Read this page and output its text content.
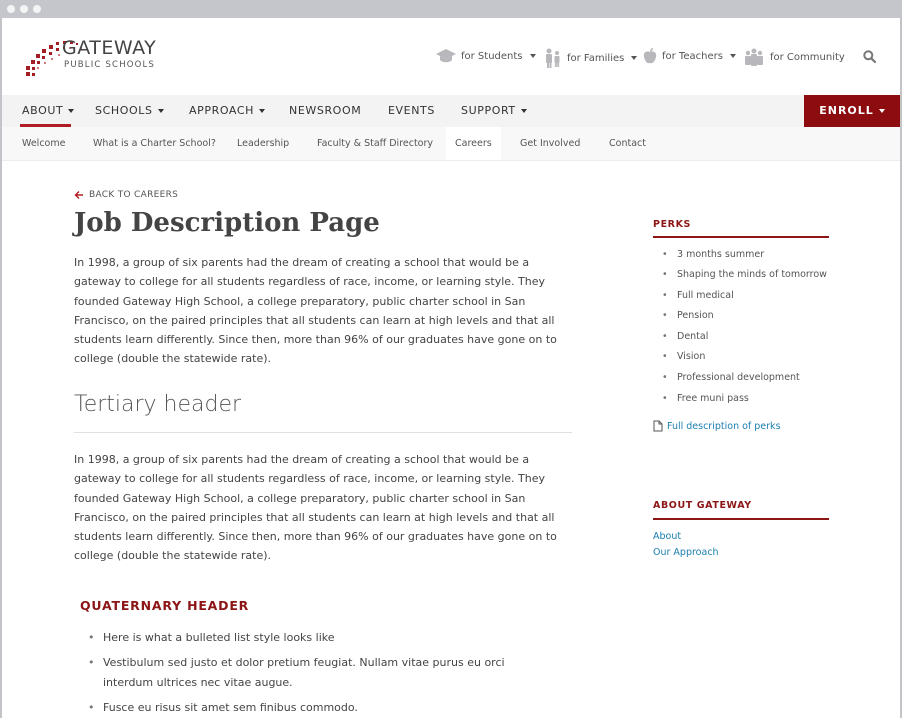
GATEWAY
PUBLIC SCHOOLS
for Students	for Families	for Teachers	for Community
ABOUT	SCHOOLS	APPROACH	NEWSROOM EVENTS SUPPORT	ENROLL
Welcome	What is a Charter School? Leadership	Faculty & Staff Directory	Careers	Get Involved	Contact
BACK TO CAREERS
Job Description Page
In 1998, a group of six parents had the dream of creating a school that would be a gateway to college for all students regardless of race, income, or learning style. They founded Gateway High School, a college preparatory, public charter school in San Francisco, on the paired principles that all students can learn at high levels and that all students learn differently. Since then, more than 96% of our graduates have gone on to college (double the statewide rate).
Tertiary header
In 1998, a group of six parents had the dream of creating a school that would be a gateway to college for all students regardless of race, income, or learning style. They founded Gateway High School, a college preparatory, public charter school in San Francisco, on the paired principles that all students can learn at high levels and that all students learn differently. Since then, more than 96% of our graduates have gone on to college (double the statewide rate).
QUATERNARY HEADER
• Here is what a bulleted list style looks like
• Vestibulum sed justo et dolor pretium feugiat. Nullam vitae purus eu orci interdum ultrices nec vitae augue.
• Fusce eu risus sit amet sem finibus commodo.
PERKS
• 3 months summer
• Shaping the minds of tomorrow
• Full medical
• Pension
• Dental
• Vision
• Professional development
• Free muni pass
Full description of perks
ABOUT GATEWAY
About
Our Approach
